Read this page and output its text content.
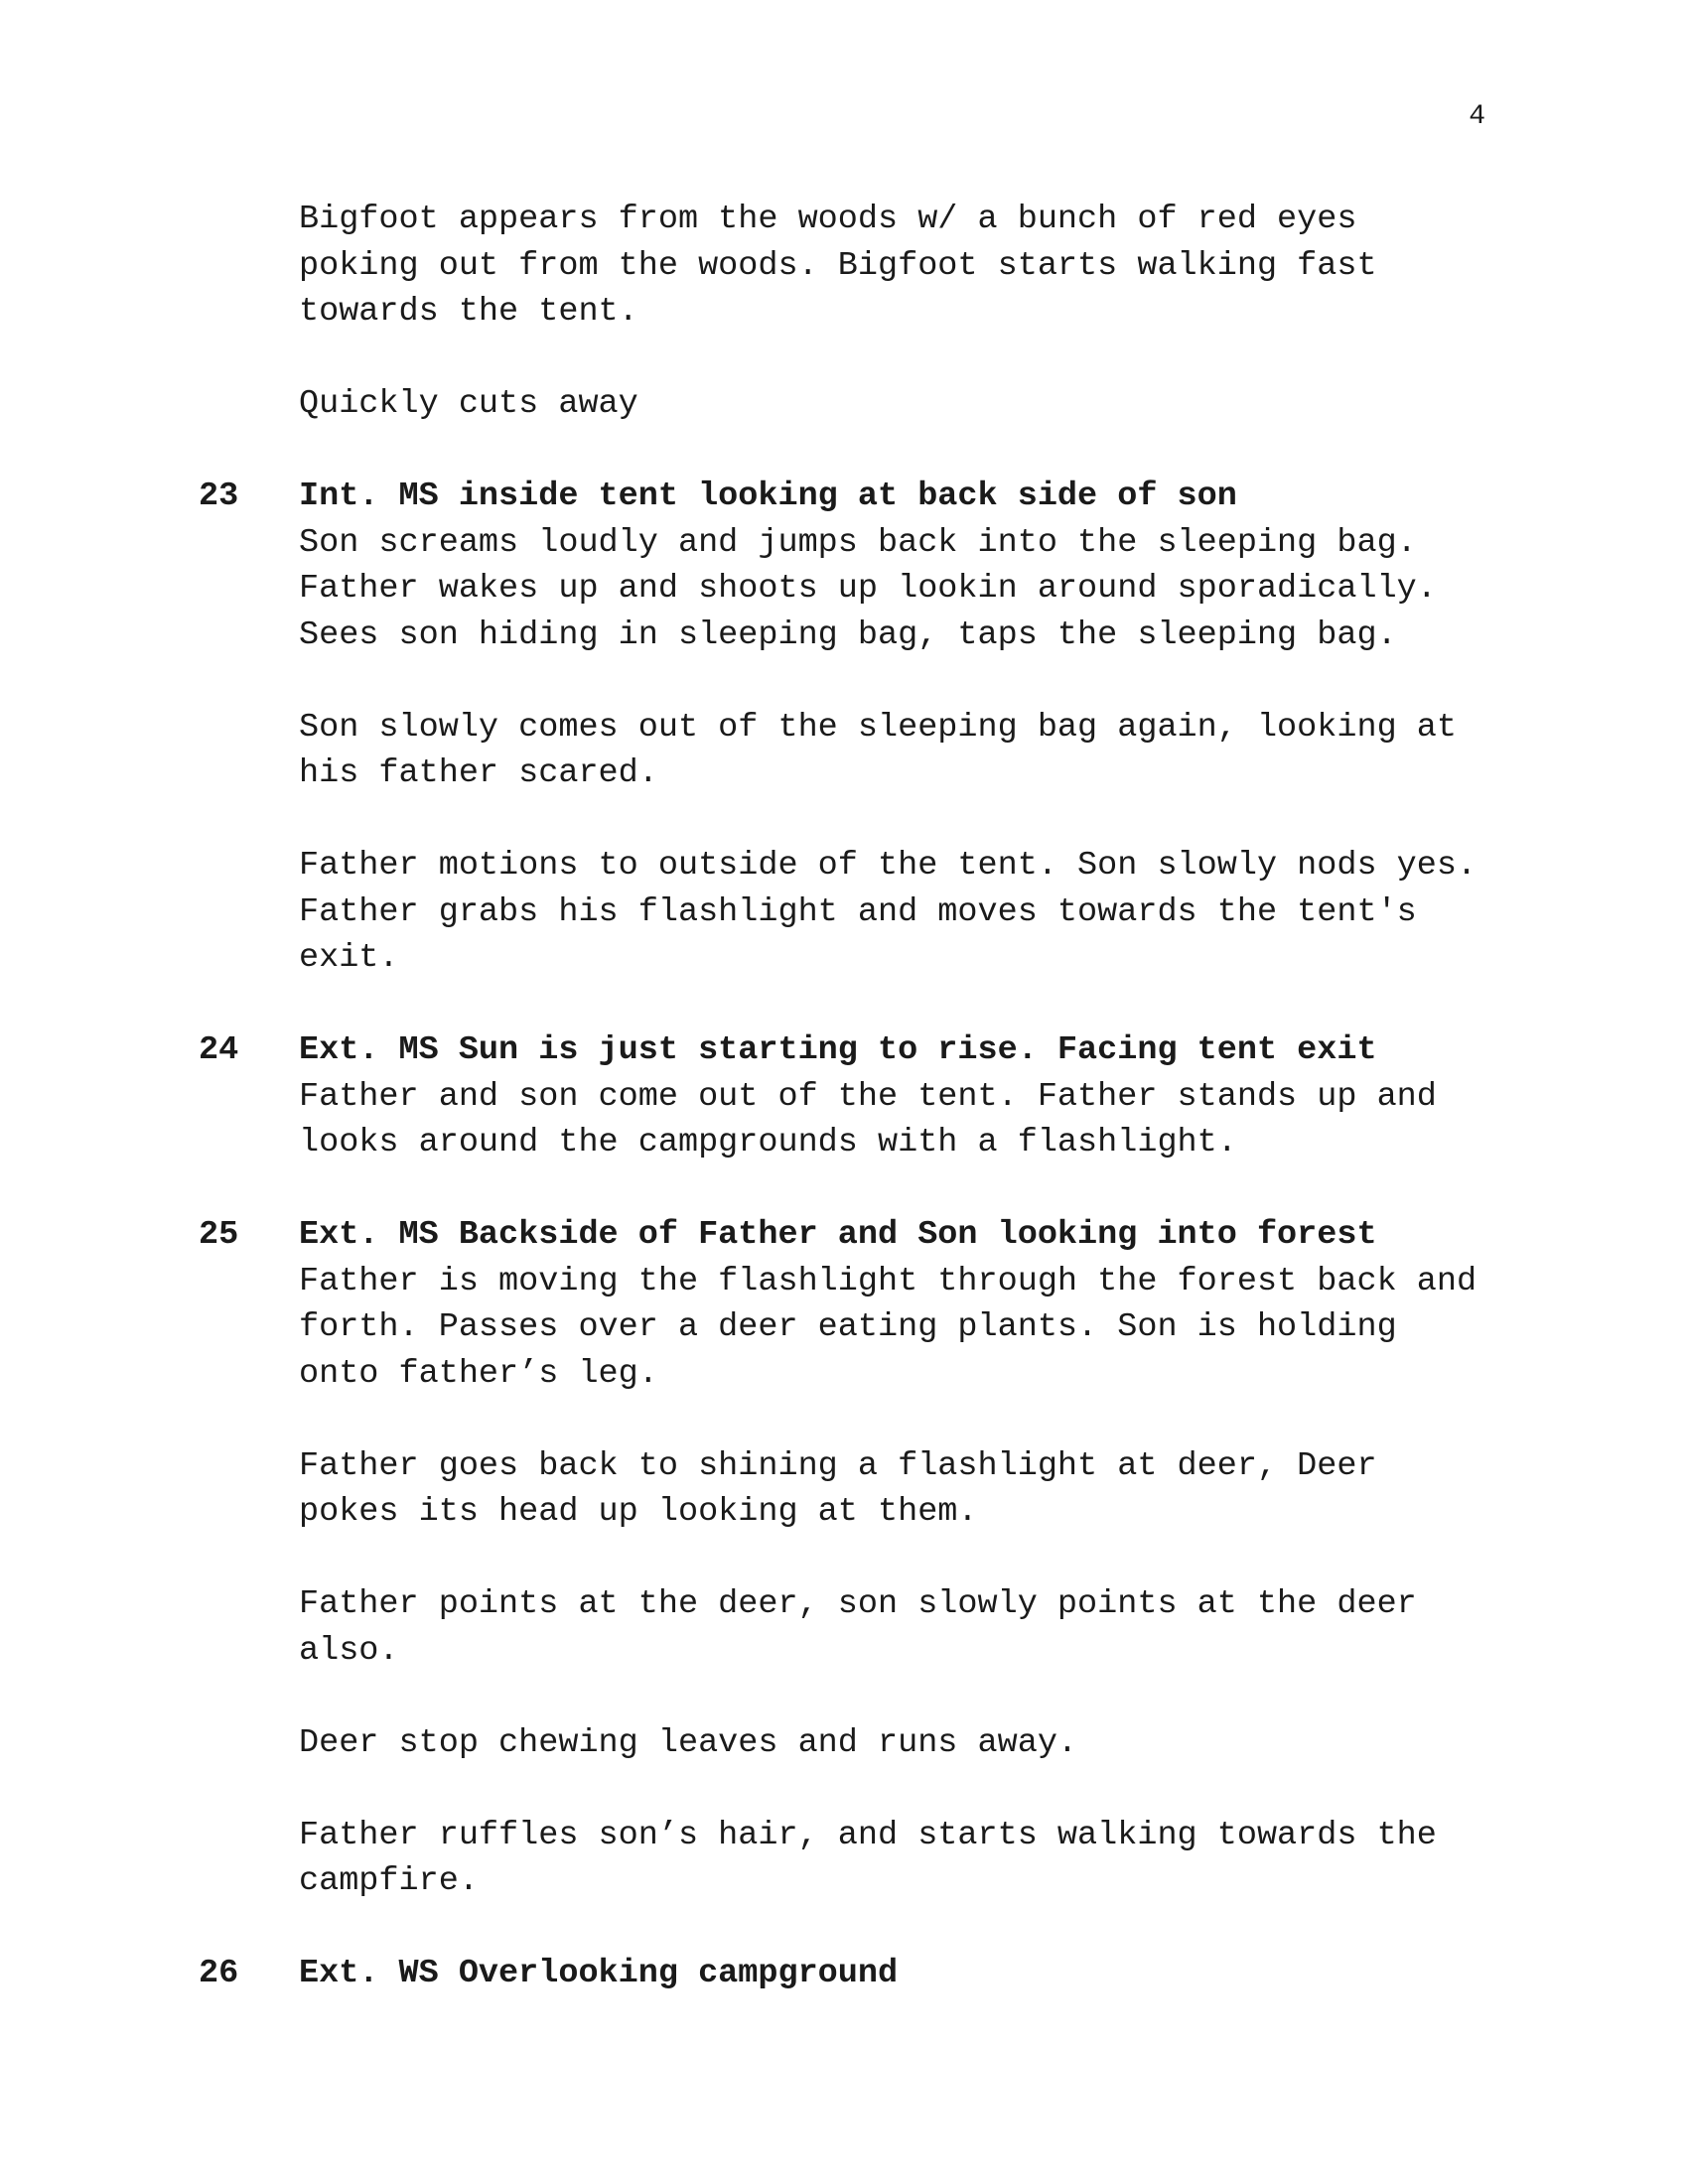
4
Bigfoot appears from the woods w/ a bunch of red eyes
poking out from the woods. Bigfoot starts walking fast
towards the tent.
Quickly cuts away
23 Int. MS inside tent looking at back side of son
Son screams loudly and jumps back into the sleeping bag.
Father wakes up and shoots up lookin around sporadically.
Sees son hiding in sleeping bag, taps the sleeping bag.
Son slowly comes out of the sleeping bag again, looking at
his father scared.
Father motions to outside of the tent. Son slowly nods yes.
Father grabs his flashlight and moves towards the tent's
exit.
24 Ext. MS Sun is just starting to rise. Facing tent exit
Father and son come out of the tent. Father stands up and
looks around the campgrounds with a flashlight.
25 Ext. MS Backside of Father and Son looking into forest
Father is moving the flashlight through the forest back and
forth. Passes over a deer eating plants. Son is holding
onto father’s leg.
Father goes back to shining a flashlight at deer, Deer
pokes its head up looking at them.
Father points at the deer, son slowly points at the deer
also.
Deer stop chewing leaves and runs away.
Father ruffles son’s hair, and starts walking towards the
campfire.
26 Ext. WS Overlooking campground
